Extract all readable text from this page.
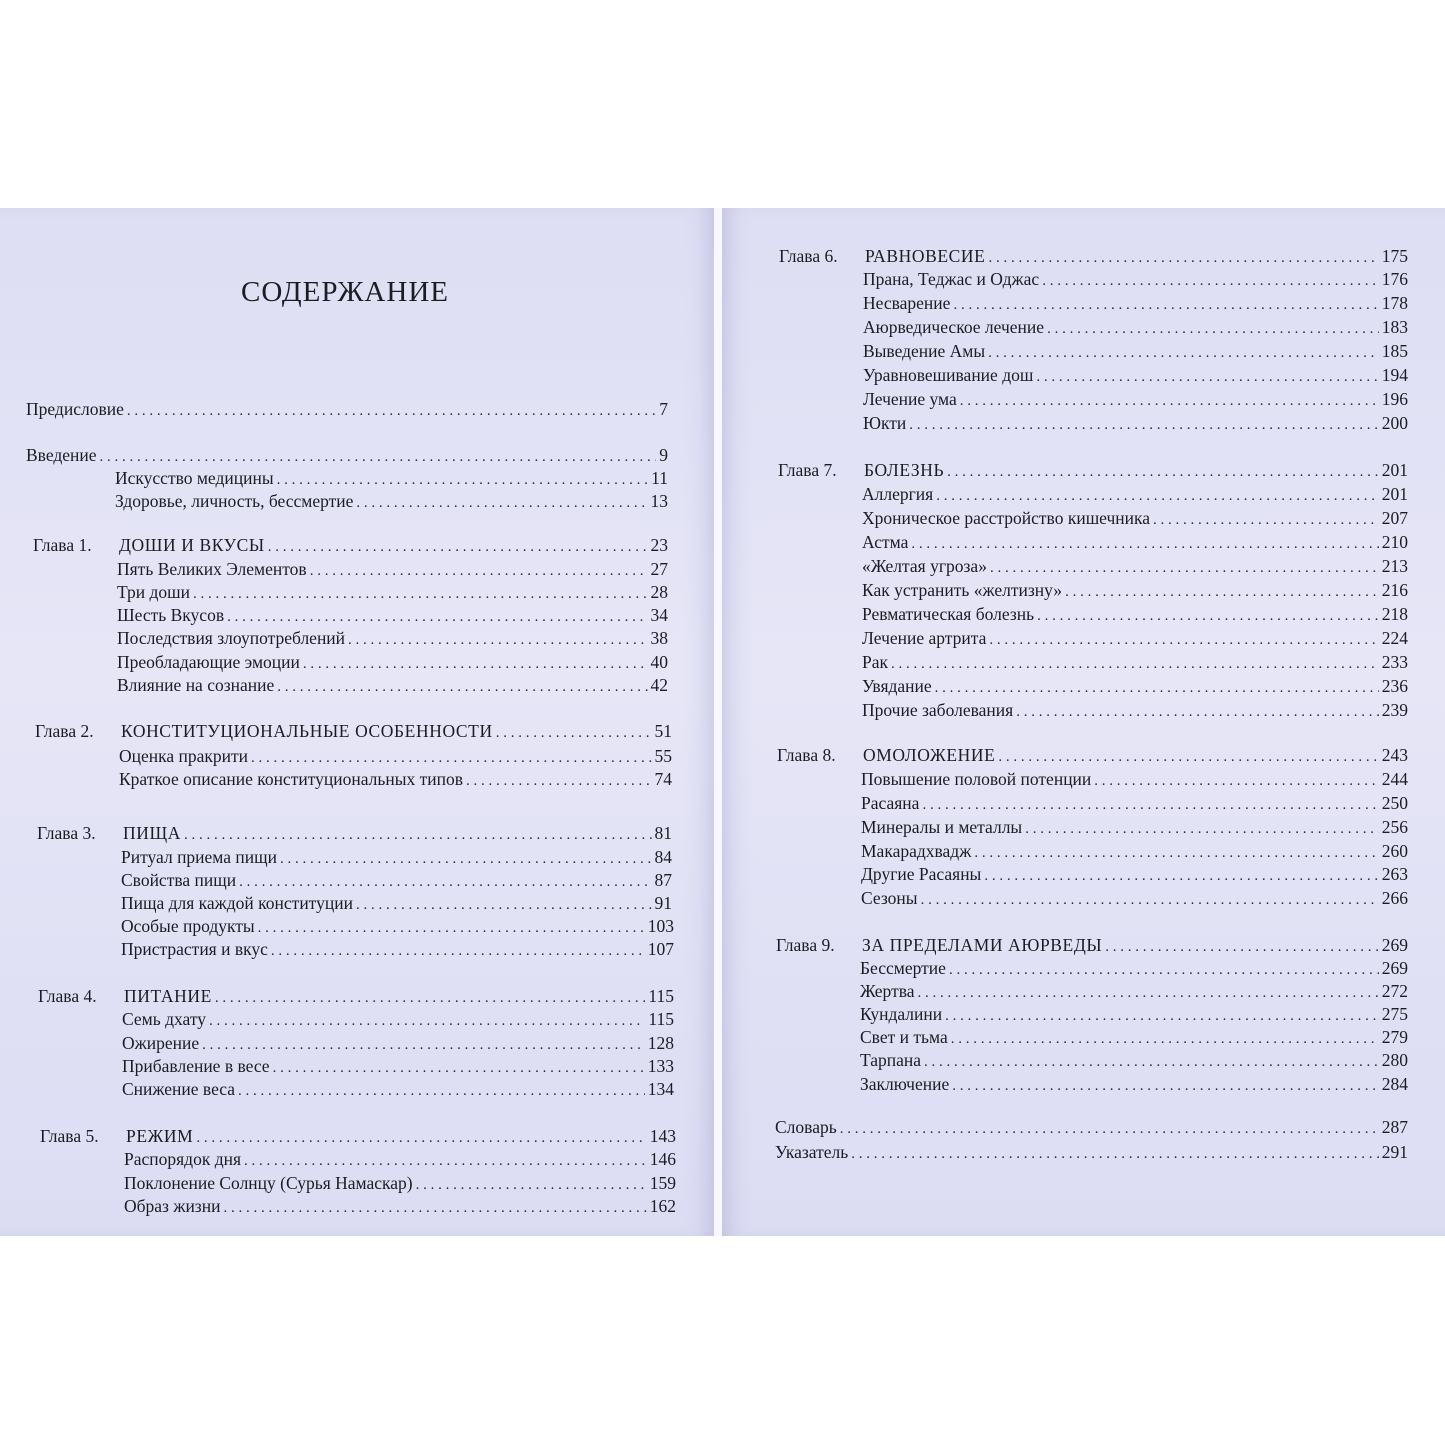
СОДЕРЖАНИЕ
Предисловие . . .	7
Введение . . .	9
Искусство медицины . . .	11
Здоровье, личность, бессмертие . . .	13
Глава 1.	ДОШИ И ВКУСЫ . . .	23
Пять Великих Элементов . . .	27
Три доши . . .	28
Шесть Вкусов . . .	34
Последствия злоупотреблений . . .	38
Преобладающие эмоции . . .	40
Влияние на сознание . . .	42
Глава 2.	КОНСТИТУЦИОНАЛЬНЫЕ ОСОБЕННОСТИ . . .	51
Оценка пракрити . . .	55
Краткое описание конституциональных типов . . .	74
Глава 3.	ПИЩА . . .	81
Ритуал приема пищи . . .	84
Свойства пищи . . .	87
Пища для каждой конституции . . .	91
Особые продукты . . .	103
Пристрастия и вкус . . .	107
Глава 4.	ПИТАНИЕ . . .	115
Семь дхату . . .	115
Ожирение . . .	128
Прибавление в весе . . .	133
Снижение веса . . .	134
Глава 5.	РЕЖИМ . . .	143
Распорядок дня . . .	146
Поклонение Солнцу (Сурья Намаскар) . . .	159
Образ жизни . . .	162
Глава 6.	РАВНОВЕСИЕ . . .	175
Прана, Теджас и Оджас . . .	176
Несварение . . .	178
Аюрведическое лечение . . .	183
Выведение Амы . . .	185
Уравновешивание дош . . .	194
Лечение ума . . .	196
Юкти . . .	200
Глава 7.	БОЛЕЗНЬ . . .	201
Аллергия . . .	201
Хроническое расстройство кишечника . . .	207
Астма . . .	210
«Желтая угроза» . . .	213
Как устранить «желтизну» . . .	216
Ревматическая болезнь . . .	218
Лечение артрита . . .	224
Рак . . .	233
Увядание . . .	236
Прочие заболевания . . .	239
Глава 8.	ОМОЛОЖЕНИЕ . . .	243
Повышение половой потенции . . .	244
Расаяна . . .	250
Минералы и металлы . . .	256
Макарадхвадж . . .	260
Другие Расаяны . . .	263
Сезоны . . .	266
Глава 9.	ЗА ПРЕДЕЛАМИ АЮРВЕДЫ . . .	269
Бессмертие . . .	269
Жертва . . .	272
Кундалини . . .	275
Свет и тьма . . .	279
Тарпана . . .	280
Заключение . . .	284
Словарь . . .	287
Указатель . . .	291
